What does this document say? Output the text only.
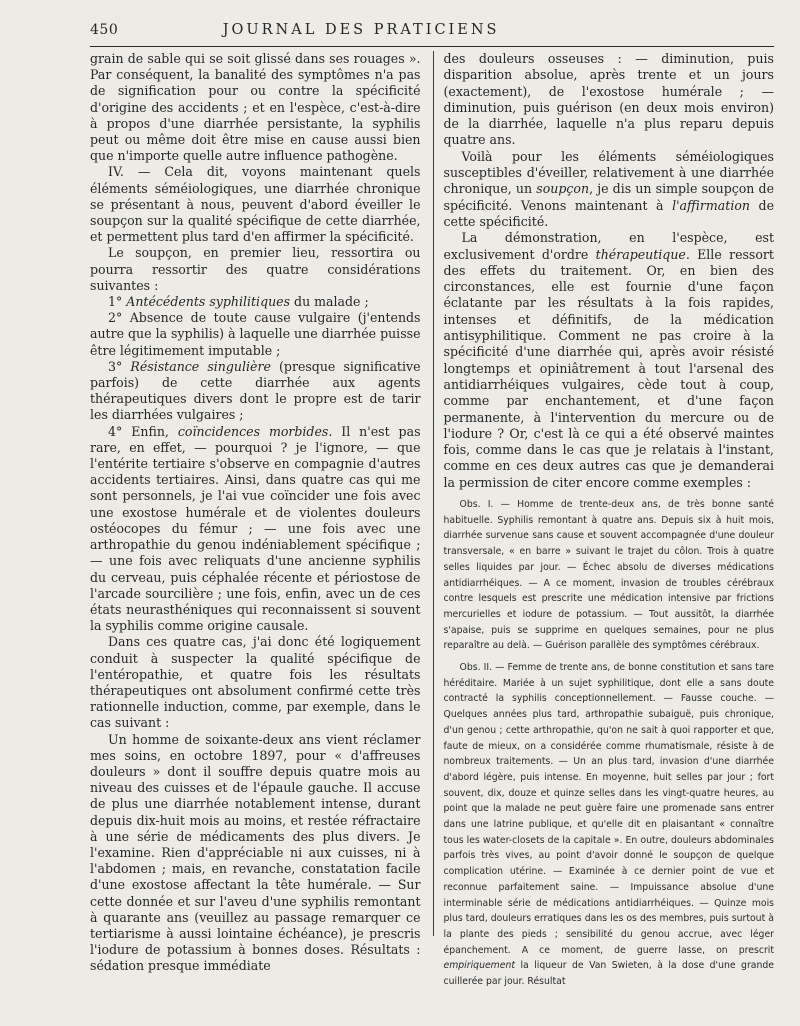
450	JOURNAL DES PRATICIENS

grain de sable qui se soit glissé dans ses rouages ». Par conséquent, la banalité des symptômes n'a pas de signification pour ou contre la spécificité d'origine des accidents ; et en l'espèce, c'est-à-dire à propos d'une diarrhée persistante, la syphilis peut ou même doit être mise en cause aussi bien que n'importe quelle autre influence pathogène.

IV. — Cela dit, voyons maintenant quels éléments séméiologiques, une diarrhée chronique se présentant à nous, peuvent d'abord éveiller le soupçon sur la qualité spécifique de cette diarrhée, et permettent plus tard d'en affirmer la spécificité.

Le soupçon, en premier lieu, ressortira ou pourra ressortir des quatre considérations suivantes :

1° Antécédents syphilitiques du malade ;

2° Absence de toute cause vulgaire (j'entends autre que la syphilis) à laquelle une diarrhée puisse être légitimement imputable ;

3° Résistance singulière (presque significative parfois) de cette diarrhée aux agents thérapeutiques divers dont le propre est de tarir les diarrhées vulgaires ;

4° Enfin, coïncidences morbides. Il n'est pas rare, en effet, — pourquoi ? je l'ignore, — que l'entérite tertiaire s'observe en compagnie d'autres accidents tertiaires. Ainsi, dans quatre cas qui me sont personnels, je l'ai vue coïncider une fois avec une exostose humérale et de violentes douleurs ostéocopes du fémur ; — une fois avec une arthropathie du genou indéniablement spécifique ; — une fois avec reliquats d'une ancienne syphilis du cerveau, puis céphalée récente et périostose de l'arcade sourcilière ; une fois, enfin, avec un de ces états neurasthéniques qui reconnaissent si souvent la syphilis comme origine causale.

Dans ces quatre cas, j'ai donc été logiquement conduit à suspecter la qualité spécifique de l'entéropathie, et quatre fois les résultats thérapeutiques ont absolument confirmé cette très rationnelle induction, comme, par exemple, dans le cas suivant :

Un homme de soixante-deux ans vient réclamer mes soins, en octobre 1897, pour « d'affreuses douleurs » dont il souffre depuis quatre mois au niveau des cuisses et de l'épaule gauche. Il accuse de plus une diarrhée notablement intense, durant depuis dix-huit mois au moins, et restée réfractaire à une série de médicaments des plus divers. Je l'examine. Rien d'appréciable ni aux cuisses, ni à l'abdomen ; mais, en revanche, constatation facile d'une exostose affectant la tête humérale. — Sur cette donnée et sur l'aveu d'une syphilis remontant à quarante ans (veuillez au passage remarquer ce tertiarisme à aussi lointaine échéance), je prescris l'iodure de potassium à bonnes doses. Résultats : sédation presque immédiate

des douleurs osseuses : — diminution, puis disparition absolue, après trente et un jours (exactement), de l'exostose humérale ; — diminution, puis guérison (en deux mois environ) de la diarrhée, laquelle n'a plus reparu depuis quatre ans.

Voilà pour les éléments séméiologiques susceptibles d'éveiller, relativement à une diarrhée chronique, un soupçon, je dis un simple soupçon de spécificité. Venons maintenant à l'affirmation de cette spécificité.

La démonstration, en l'espèce, est exclusivement d'ordre thérapeutique. Elle ressort des effets du traitement. Or, en bien des circonstances, elle est fournie d'une façon éclatante par les résultats à la fois rapides, intenses et définitifs, de la médication antisyphilitique. Comment ne pas croire à la spécificité d'une diarrhée qui, après avoir résisté longtemps et opiniâtrement à tout l'arsenal des antidiarrhéiques vulgaires, cède tout à coup, comme par enchantement, et d'une façon permanente, à l'intervention du mercure ou de l'iodure ? Or, c'est là ce qui a été observé maintes fois, comme dans le cas que je relatais à l'instant, comme en ces deux autres cas que je demanderai la permission de citer encore comme exemples :

Obs. I. — Homme de trente-deux ans, de très bonne santé habituelle. Syphilis remontant à quatre ans. Depuis six à huit mois, diarrhée survenue sans cause et souvent accompagnée d'une douleur transversale, « en barre » suivant le trajet du côlon. Trois à quatre selles liquides par jour. — Échec absolu de diverses médications antidiarrhéiques. — A ce moment, invasion de troubles cérébraux contre lesquels est prescrite une médication intensive par frictions mercurielles et iodure de potassium. — Tout aussitôt, la diarrhée s'apaise, puis se supprime en quelques semaines, pour ne plus reparaître au delà. — Guérison parallèle des symptômes cérébraux.

Obs. II. — Femme de trente ans, de bonne constitution et sans tare héréditaire. Mariée à un sujet syphilitique, dont elle a sans doute contracté la syphilis conceptionnellement. — Fausse couche. — Quelques années plus tard, arthropathie subaiguë, puis chronique, d'un genou ; cette arthropathie, qu'on ne sait à quoi rapporter et que, faute de mieux, on a considérée comme rhumatismale, résiste à de nombreux traitements. — Un an plus tard, invasion d'une diarrhée d'abord légère, puis intense. En moyenne, huit selles par jour ; fort souvent, dix, douze et quinze selles dans les vingt-quatre heures, au point que la malade ne peut guère faire une promenade sans entrer dans une latrine publique, et qu'elle dit en plaisantant « connaître tous les water-closets de la capitale ». En outre, douleurs abdominales parfois très vives, au point d'avoir donné le soupçon de quelque complication utérine. — Examinée à ce dernier point de vue et reconnue parfaitement saine. — Impuissance absolue d'une interminable série de médications antidiarrhéiques. — Quinze mois plus tard, douleurs erratiques dans les os des membres, puis surtout à la plante des pieds ; sensibilité du genou accrue, avec léger épanchement. A ce moment, de guerre lasse, on prescrit empiriquement la liqueur de Van Swieten, à la dose d'une grande cuillerée par jour. Résultat
